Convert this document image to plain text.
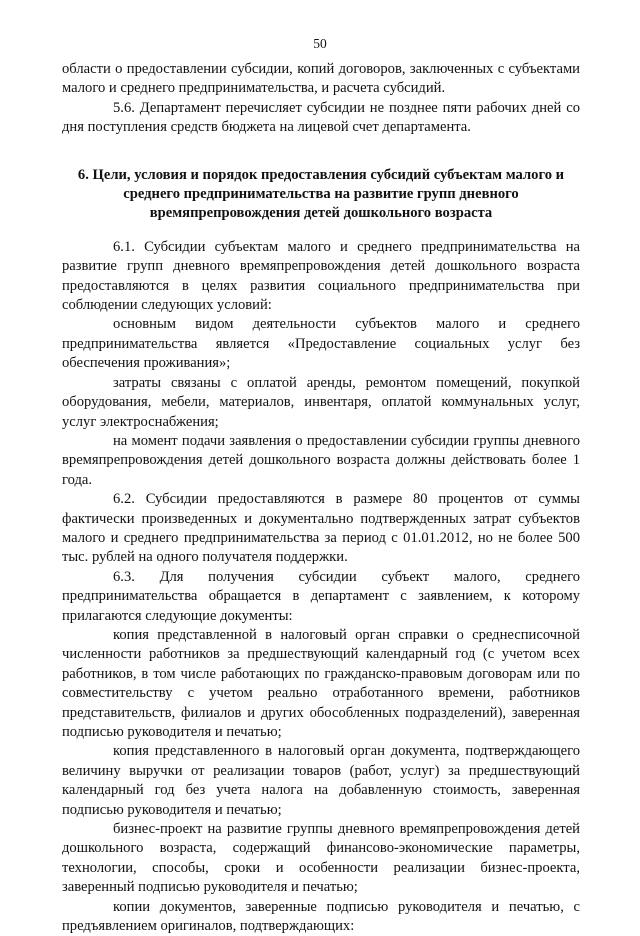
50

области о предоставлении субсидии, копий договоров, заключенных с субъектами малого и среднего предпринимательства, и расчета субсидий.

5.6. Департамент перечисляет субсидии не позднее пяти рабочих дней со дня поступления средств бюджета на лицевой счет департамента.

6. Цели, условия и порядок предоставления субсидий субъектам малого и среднего предпринимательства на развитие групп дневного времяпрепровождения детей дошкольного возраста

6.1. Субсидии субъектам малого и среднего предпринимательства на развитие групп дневного времяпрепровождения детей дошкольного возраста предоставляются в целях развития социального предпринимательства при соблюдении следующих условий:

основным видом деятельности субъектов малого и среднего предпринимательства является «Предоставление социальных услуг без обеспечения проживания»;

затраты связаны с оплатой аренды, ремонтом помещений, покупкой оборудования, мебели, материалов, инвентаря, оплатой коммунальных услуг, услуг электроснабжения;

на момент подачи заявления о предоставлении субсидии группы дневного времяпрепровождения детей дошкольного возраста должны действовать более 1 года.

6.2. Субсидии предоставляются в размере 80 процентов от суммы фактически произведенных и документально подтвержденных затрат субъектов малого и среднего предпринимательства за период с 01.01.2012, но не более 500 тыс. рублей на одного получателя поддержки.

6.3. Для получения субсидии субъект малого, среднего предпринимательства обращается в департамент с заявлением, к которому прилагаются следующие документы:

копия представленной в налоговый орган справки о среднесписочной численности работников за предшествующий календарный год (с учетом всех работников, в том числе работающих по гражданско-правовым договорам или по совместительству с учетом реально отработанного времени, работников представительств, филиалов и других обособленных подразделений), заверенная подписью руководителя и печатью;

копия представленного в налоговый орган документа, подтверждающего величину выручки от реализации товаров (работ, услуг) за предшествующий календарный год без учета налога на добавленную стоимость, заверенная подписью руководителя и печатью;

бизнес-проект на развитие группы дневного времяпрепровождения детей дошкольного возраста, содержащий финансово-экономические параметры, технологии, способы, сроки и особенности реализации бизнес-проекта, заверенный подписью руководителя и печатью;

копии документов, заверенные подписью руководителя и печатью, с предъявлением оригиналов, подтверждающих:
